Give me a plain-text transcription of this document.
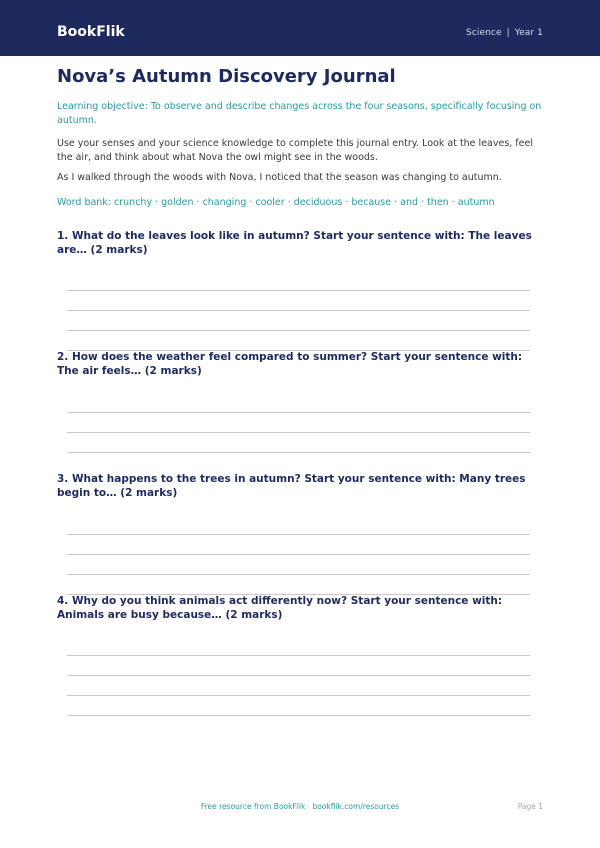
BookFlik	Science | Year 1
Nova’s Autumn Discovery Journal
Learning objective: To observe and describe changes across the four seasons, specifically focusing on autumn.
Use your senses and your science knowledge to complete this journal entry. Look at the leaves, feel the air, and think about what Nova the owl might see in the woods.
As I walked through the woods with Nova, I noticed that the season was changing to autumn.
Word bank: crunchy · golden · changing · cooler · deciduous · because · and · then · autumn
1. What do the leaves look like in autumn? Start your sentence with: The leaves are… (2 marks)
2. How does the weather feel compared to summer? Start your sentence with: The air feels… (2 marks)
3. What happens to the trees in autumn? Start your sentence with: Many trees begin to… (2 marks)
4. Why do you think animals act differently now? Start your sentence with: Animals are busy because… (2 marks)
Free resource from BookFlik · bookflik.com/resources	Page 1
